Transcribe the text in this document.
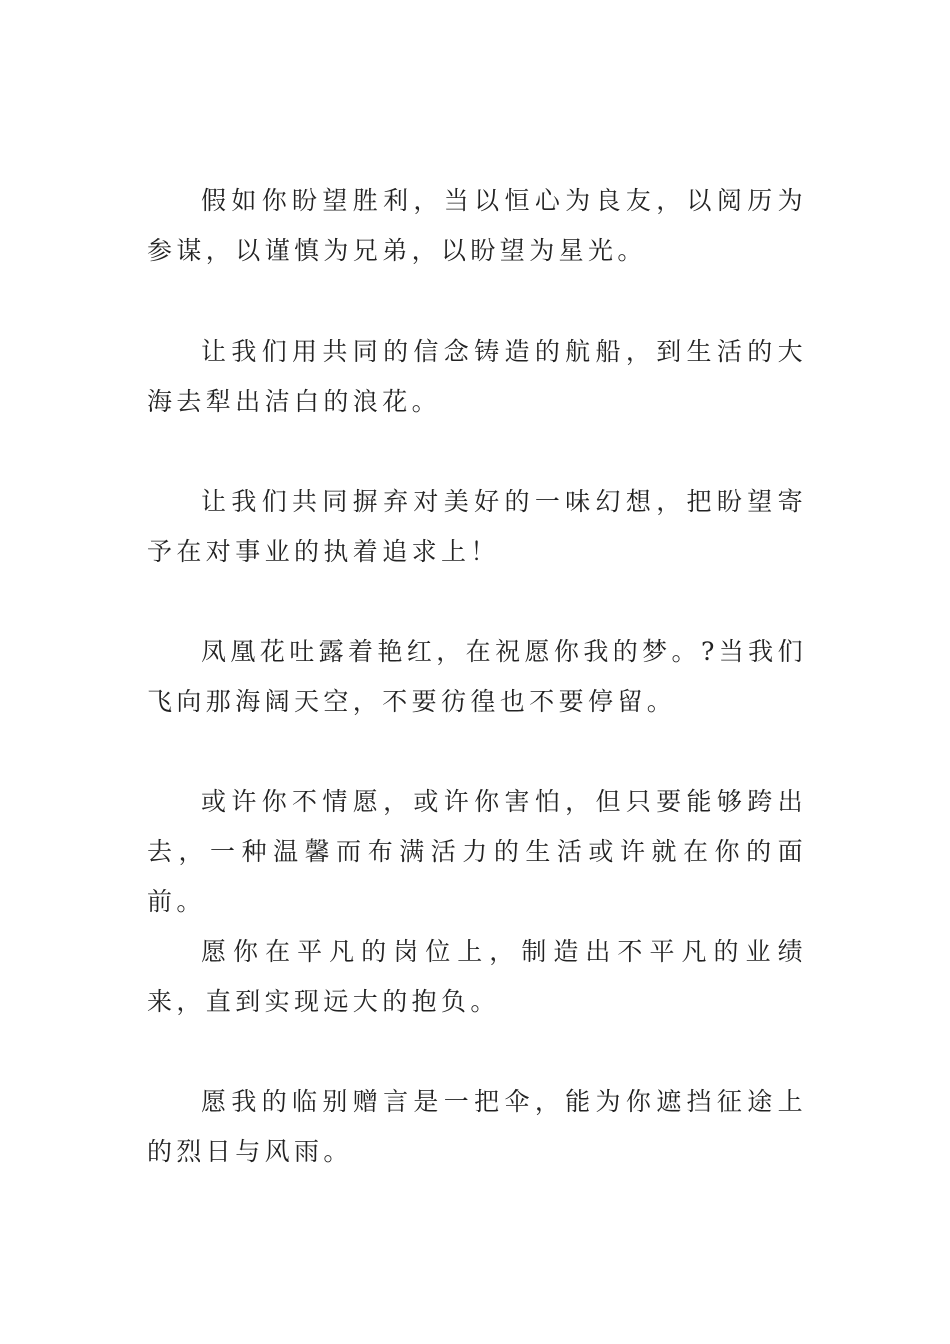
假如你盼望胜利，当以恒心为良友，以阅历为参谋，以谨慎为兄弟，以盼望为星光。

让我们用共同的信念铸造的航船，到生活的大海去犁出洁白的浪花。

让我们共同摒弃对美好的一味幻想，把盼望寄予在对事业的执着追求上！

凤凰花吐露着艳红，在祝愿你我的梦。?当我们飞向那海阔天空，不要彷徨也不要停留。

或许你不情愿，或许你害怕，但只要能够跨出去，一种温馨而布满活力的生活或许就在你的面前。

愿你在平凡的岗位上，制造出不平凡的业绩来，直到实现远大的抱负。

愿我的临别赠言是一把伞，能为你遮挡征途上的烈日与风雨。
